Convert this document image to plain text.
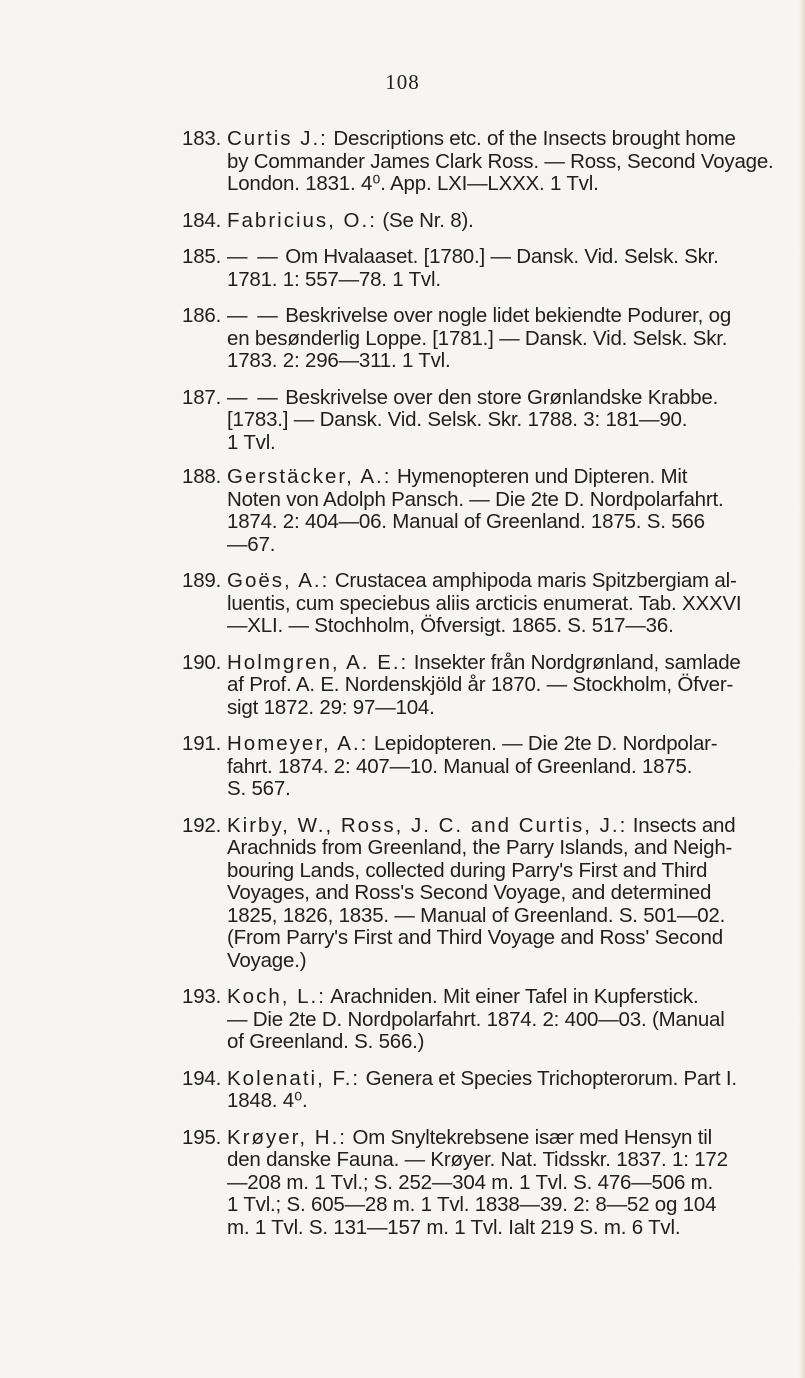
108
183. Curtis J.: Descriptions etc. of the Insects brought home
by Commander James Clark Ross. — Ross, Second Voyage.
London. 1831. 4⁰. App. LXI—LXXX. 1 Tvl.
184. Fabricius, O.: (Se Nr. 8).
185. — — Om Hvalaaset. [1780.] — Dansk. Vid. Selsk. Skr.
1781. 1: 557—78. 1 Tvl.
186. — — Beskrivelse over nogle lidet bekiendte Podurer, og
en besønderlig Loppe. [1781.] — Dansk. Vid. Selsk. Skr.
1783. 2: 296—311. 1 Tvl.
187. — — Beskrivelse over den store Grønlandske Krabbe.
[1783.] — Dansk. Vid. Selsk. Skr. 1788. 3: 181—90.
1 Tvl.
188. Gerstäcker, A.: Hymenopteren und Dipteren. Mit
Noten von Adolph Pansch. — Die 2te D. Nordpolarfahrt.
1874. 2: 404—06. Manual of Greenland. 1875. S. 566
—67.
189. Goës, A.: Crustacea amphipoda maris Spitzbergiam al-
luentis, cum speciebus aliis arcticis enumerat. Tab. XXXVI
—XLI. — Stochholm, Öfversigt. 1865. S. 517—36.
190. Holmgren, A. E.: Insekter från Nordgrønland, samlade
af Prof. A. E. Nordenskjöld år 1870. — Stockholm, Öfver-
sigt 1872. 29: 97—104.
191. Homeyer, A.: Lepidopteren. — Die 2te D. Nordpolar-
fahrt. 1874. 2: 407—10. Manual of Greenland. 1875.
S. 567.
192. Kirby, W., Ross, J. C. and Curtis, J.: Insects and
Arachnids from Greenland, the Parry Islands, and Neigh-
bouring Lands, collected during Parry's First and Third
Voyages, and Ross's Second Voyage, and determined
1825, 1826, 1835. — Manual of Greenland. S. 501—02.
(From Parry's First and Third Voyage and Ross' Second
Voyage.)
193. Koch, L.: Arachniden. Mit einer Tafel in Kupferstick.
— Die 2te D. Nordpolarfahrt. 1874. 2: 400—03. (Manual
of Greenland. S. 566.)
194. Kolenati, F.: Genera et Species Trichopterorum. Part I.
1848. 4⁰.
195. Krøyer, H.: Om Snyltekrebsene især med Hensyn til
den danske Fauna. — Krøyer. Nat. Tidsskr. 1837. 1: 172
—208 m. 1 Tvl.; S. 252—304 m. 1 Tvl. S. 476—506 m.
1 Tvl.; S. 605—28 m. 1 Tvl. 1838—39. 2: 8—52 og 104
m. 1 Tvl. S. 131—157 m. 1 Tvl. Ialt 219 S. m. 6 Tvl.
